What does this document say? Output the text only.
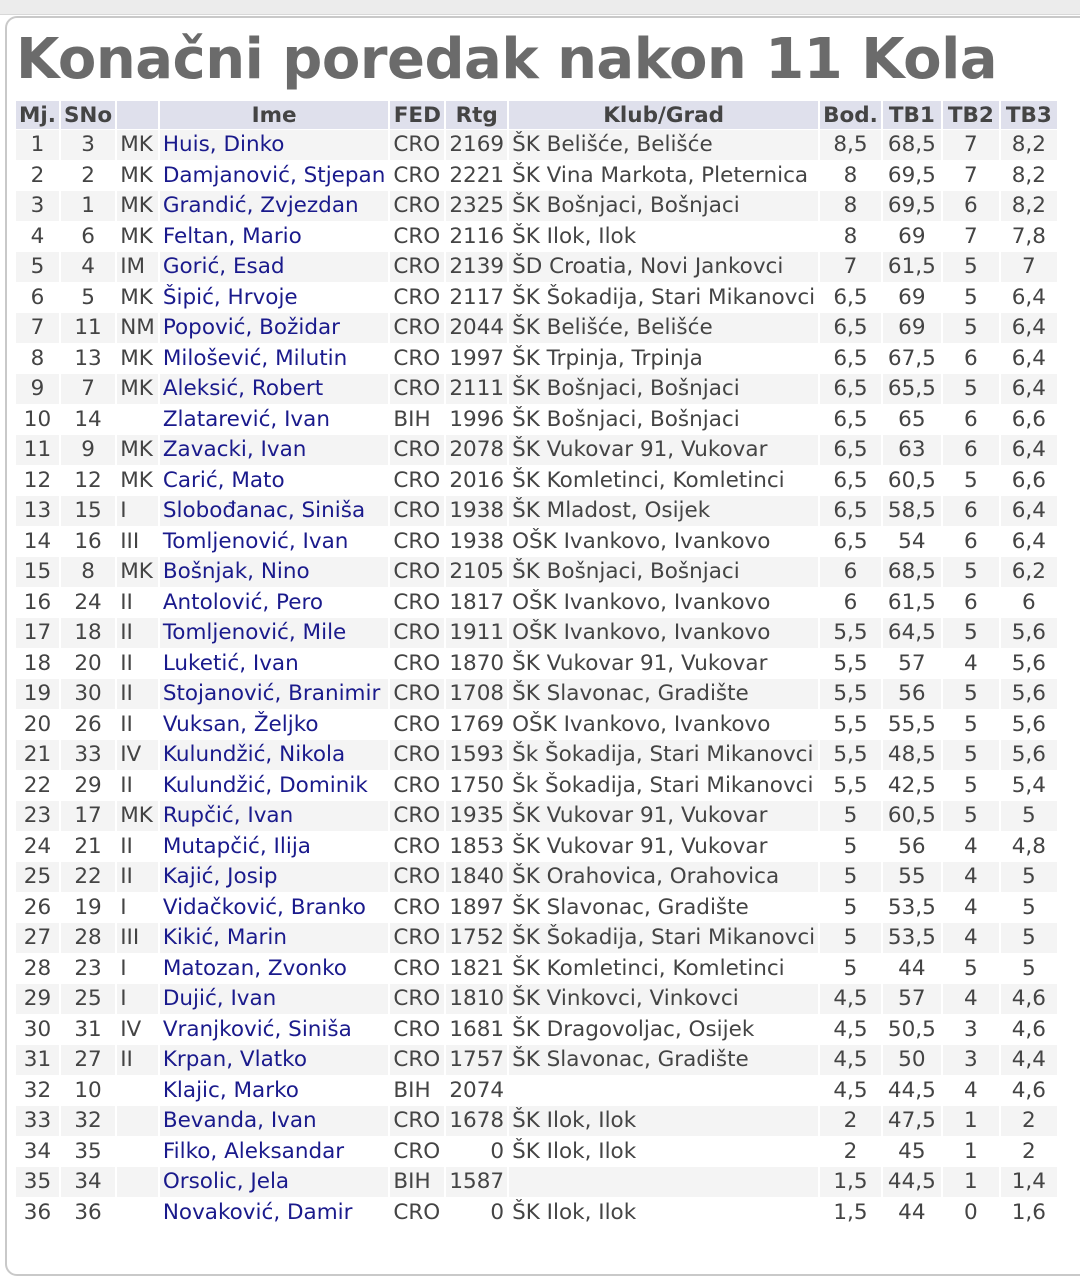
Konačni poredak nakon 11 Kola
Mj.	SNo		Ime	FED	Rtg	Klub/Grad	Bod.	TB1	TB2	TB3
1	3	MK	Huis, Dinko	CRO	2169	ŠK Belišće, Belišće	8,5	68,5	7	8,2
2	2	MK	Damjanović, Stjepan	CRO	2221	ŠK Vina Markota, Pleternica	8	69,5	7	8,2
3	1	MK	Grandić, Zvjezdan	CRO	2325	ŠK Bošnjaci, Bošnjaci	8	69,5	6	8,2
4	6	MK	Feltan, Mario	CRO	2116	ŠK Ilok, Ilok	8	69	7	7,8
5	4	IM	Gorić, Esad	CRO	2139	ŠD Croatia, Novi Jankovci	7	61,5	5	7
6	5	MK	Šipić, Hrvoje	CRO	2117	ŠK Šokadija, Stari Mikanovci	6,5	69	5	6,4
7	11	NM	Popović, Božidar	CRO	2044	ŠK Belišće, Belišće	6,5	69	5	6,4
8	13	MK	Milošević, Milutin	CRO	1997	ŠK Trpinja, Trpinja	6,5	67,5	6	6,4
9	7	MK	Aleksić, Robert	CRO	2111	ŠK Bošnjaci, Bošnjaci	6,5	65,5	5	6,4
10	14		Zlatarević, Ivan	BIH	1996	ŠK Bošnjaci, Bošnjaci	6,5	65	6	6,6
11	9	MK	Zavacki, Ivan	CRO	2078	ŠK Vukovar 91, Vukovar	6,5	63	6	6,4
12	12	MK	Carić, Mato	CRO	2016	ŠK Komletinci, Komletinci	6,5	60,5	5	6,6
13	15	I	Slobođanac, Siniša	CRO	1938	ŠK Mladost, Osijek	6,5	58,5	6	6,4
14	16	III	Tomljenović, Ivan	CRO	1938	OŠK Ivankovo, Ivankovo	6,5	54	6	6,4
15	8	MK	Bošnjak, Nino	CRO	2105	ŠK Bošnjaci, Bošnjaci	6	68,5	5	6,2
16	24	II	Antolović, Pero	CRO	1817	OŠK Ivankovo, Ivankovo	6	61,5	6	6
17	18	II	Tomljenović, Mile	CRO	1911	OŠK Ivankovo, Ivankovo	5,5	64,5	5	5,6
18	20	II	Luketić, Ivan	CRO	1870	ŠK Vukovar 91, Vukovar	5,5	57	4	5,6
19	30	II	Stojanović, Branimir	CRO	1708	ŠK Slavonac, Gradište	5,5	56	5	5,6
20	26	II	Vuksan, Željko	CRO	1769	OŠK Ivankovo, Ivankovo	5,5	55,5	5	5,6
21	33	IV	Kulundžić, Nikola	CRO	1593	Šk Šokadija, Stari Mikanovci	5,5	48,5	5	5,6
22	29	II	Kulundžić, Dominik	CRO	1750	Šk Šokadija, Stari Mikanovci	5,5	42,5	5	5,4
23	17	MK	Rupčić, Ivan	CRO	1935	ŠK Vukovar 91, Vukovar	5	60,5	5	5
24	21	II	Mutapčić, Ilija	CRO	1853	ŠK Vukovar 91, Vukovar	5	56	4	4,8
25	22	II	Kajić, Josip	CRO	1840	ŠK Orahovica, Orahovica	5	55	4	5
26	19	I	Vidačković, Branko	CRO	1897	ŠK Slavonac, Gradište	5	53,5	4	5
27	28	III	Kikić, Marin	CRO	1752	ŠK Šokadija, Stari Mikanovci	5	53,5	4	5
28	23	I	Matozan, Zvonko	CRO	1821	ŠK Komletinci, Komletinci	5	44	5	5
29	25	I	Dujić, Ivan	CRO	1810	ŠK Vinkovci, Vinkovci	4,5	57	4	4,6
30	31	IV	Vranjković, Siniša	CRO	1681	ŠK Dragovoljac, Osijek	4,5	50,5	3	4,6
31	27	II	Krpan, Vlatko	CRO	1757	ŠK Slavonac, Gradište	4,5	50	3	4,4
32	10		Klajic, Marko	BIH	2074		4,5	44,5	4	4,6
33	32		Bevanda, Ivan	CRO	1678	ŠK Ilok, Ilok	2	47,5	1	2
34	35		Filko, Aleksandar	CRO	0	ŠK Ilok, Ilok	2	45	1	2
35	34		Orsolic, Jela	BIH	1587		1,5	44,5	1	1,4
36	36		Novaković, Damir	CRO	0	ŠK Ilok, Ilok	1,5	44	0	1,6
